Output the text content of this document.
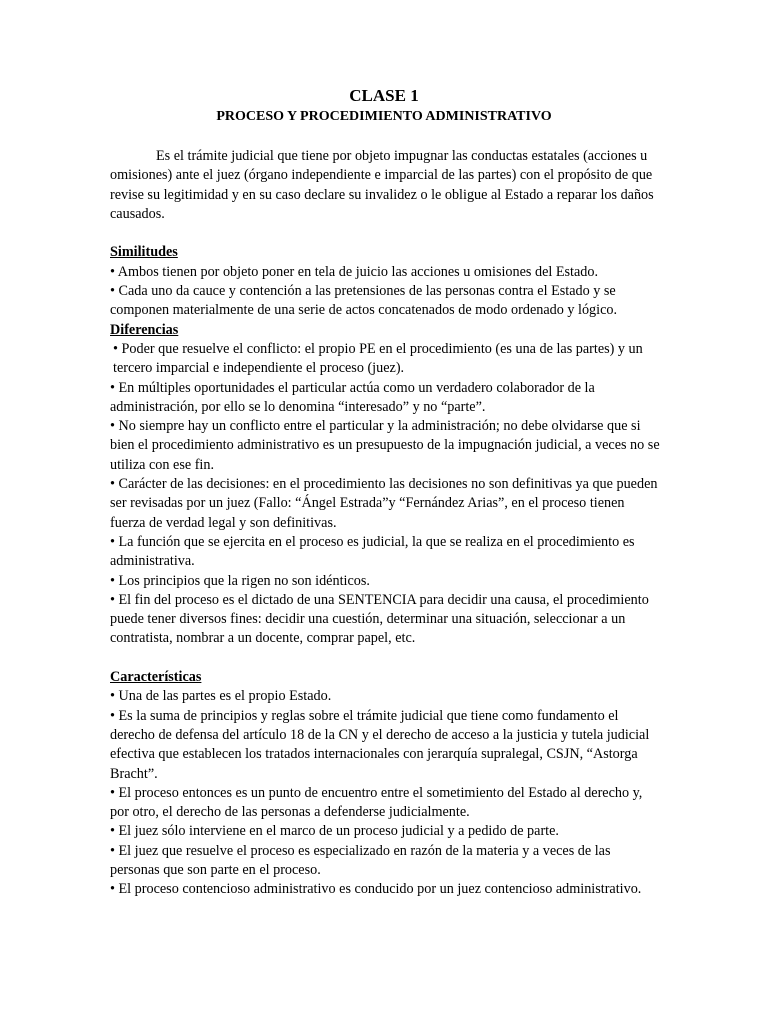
CLASE 1
PROCESO Y PROCEDIMIENTO ADMINISTRATIVO

Es el trámite judicial que tiene por objeto impugnar las conductas estatales (acciones u omisiones) ante el juez (órgano independiente e imparcial de las partes) con el propósito de que revise su legitimidad y en su caso declare su invalidez o le obligue al Estado a reparar los daños causados.

Similitudes

• Ambos tienen por objeto poner en tela de juicio las acciones u omisiones del Estado.

• Cada uno da cauce y contención a las pretensiones de las personas contra el Estado y se componen materialmente de una serie de actos concatenados de modo ordenado y lógico.

Diferencias

• Poder que resuelve el conflicto: el propio PE en el procedimiento (es una de las partes) y un tercero imparcial e independiente el proceso (juez).

• En múltiples oportunidades el particular actúa como un verdadero colaborador de la administración, por ello se lo denomina “interesado” y no “parte”.

• No siempre hay un conflicto entre el particular y la administración; no debe olvidarse que si bien el procedimiento administrativo es un presupuesto de la impugnación judicial, a veces no se utiliza con ese fin.

• Carácter de las decisiones: en el procedimiento las decisiones no son definitivas ya que pueden ser revisadas por un juez (Fallo: “Ángel Estrada”y “Fernández Arias”, en el proceso tienen fuerza de verdad legal y son definitivas.

• La función que se ejercita en el proceso es judicial, la que se realiza en el procedimiento es administrativa.

• Los principios que la rigen no son idénticos.

• El fin del proceso es el dictado de una SENTENCIA para decidir una causa, el procedimiento puede tener diversos fines: decidir una cuestión, determinar una situación, seleccionar a un contratista, nombrar a un docente, comprar papel, etc.

Características

• Una de las partes es el propio Estado.

• Es la suma de principios y reglas sobre el trámite judicial que tiene como fundamento el derecho de defensa del artículo 18 de la CN y el derecho de acceso a la justicia y tutela judicial efectiva que establecen los tratados internacionales con jerarquía supralegal, CSJN, “Astorga Bracht”.

• El proceso entonces es un punto de encuentro entre el sometimiento del Estado al derecho y, por otro, el derecho de las personas a defenderse judicialmente.

• El juez sólo interviene en el marco de un proceso judicial y a pedido de parte.

• El juez que resuelve el proceso es especializado en razón de la materia y a veces de las personas que son parte en el proceso.

• El proceso contencioso administrativo es conducido por un juez contencioso administrativo.
